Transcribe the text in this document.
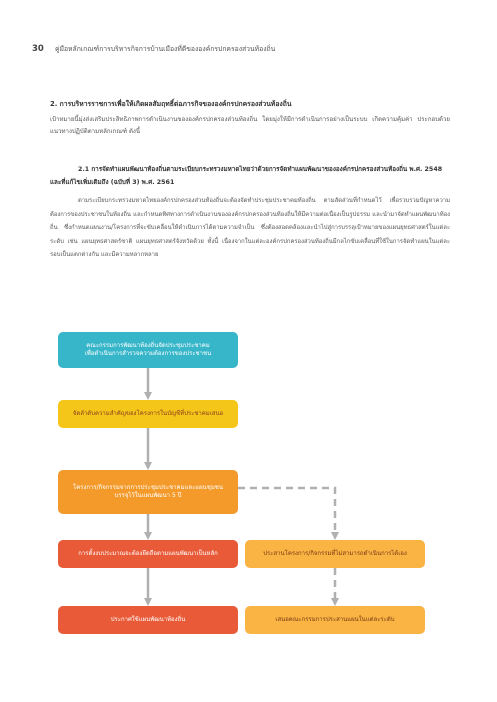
30 คู่มือหลักเกณฑ์การบริหารกิจการบ้านเมืองที่ดีขององค์กรปกครองส่วนท้องถิ่น
2. การบริหารราชการเพื่อให้เกิดผลสัมฤทธิ์ต่อภารกิจขององค์กรปกครองส่วนท้องถิ่น
เป้าหมายนี้มุ่งส่งเสริมประสิทธิภาพการดำเนินงานขององค์กรปกครองส่วนท้องถิ่น โดยมุ่งให้มีการดำเนินการอย่างเป็นระบบ เกิดความคุ้มค่า ประกอบด้วยแนวทางปฏิบัติตามหลักเกณฑ์ ดังนี้
2.1 การจัดทำแผนพัฒนาท้องถิ่นตามระเบียบกระทรวงมหาดไทยว่าด้วยการจัดทำแผนพัฒนาขององค์กรปกครองส่วนท้องถิ่น พ.ศ. 2548 และที่แก้ไขเพิ่มเติมถึง (ฉบับที่ 3) พ.ศ. 2561
ตามระเบียบกระทรวงมหาดไทยองค์กรปกครองส่วนท้องถิ่นจะต้องจัดทำประชุมประชาคมท้องถิ่น ตามสัดส่วนที่กำหนดไว้ เพื่อรวบรวมปัญหาความต้องการของประชาชนในท้องถิ่น และกำหนดทิศทางการดำเนินงานขององค์กรปกครองส่วนท้องถิ่นให้มีความต่อเนื่องเป็นรูปธรรม และนำมาจัดทำแผนพัฒนาท้องถิ่น ซึ่งกำหนดแผนงาน/โครงการที่จะขับเคลื่อนให้ดำเนินการได้ตามความจำเป็น ซึ่งต้องสอดคล้องและนำไปสู่การบรรลุเป้าหมายของแผนยุทธศาสตร์ในแต่ละระดับ เช่น แผนยุทธศาสตร์ชาติ แผนยุทธศาสตร์จังหวัดด้วย ทั้งนี้ เนื่องจากในแต่ละองค์กรปกครองส่วนท้องถิ่นมีกลไกขับเคลื่อนที่ใช้ในการจัดทำแผนในแต่ละรอบเป็นแตกต่างกัน และมีความหลากหลาย
คณะกรรมการพัฒนาท้องถิ่นจัดประชุมประชาคม
เพื่อดำเนินการสำรวจความต้องการของประชาชน
จัดลำดับความสำคัญของโครงการในบัญชีที่ประชาคมเสนอ
โครงการ/กิจกรรมจากการประชุมประชาคมและแผนชุมชน
บรรจุไว้ในแผนพัฒนา 5 ปี
การตั้งงบประมาณจะต้องยึดถือตามแผนพัฒนาเป็นหลัก
ประกาศใช้แผนพัฒนาท้องถิ่น
ประสานโครงการ/กิจกรรมที่ไม่สามารถดำเนินการได้เอง
เสนอคณะกรรมการประสานแผนในแต่ละระดับ
